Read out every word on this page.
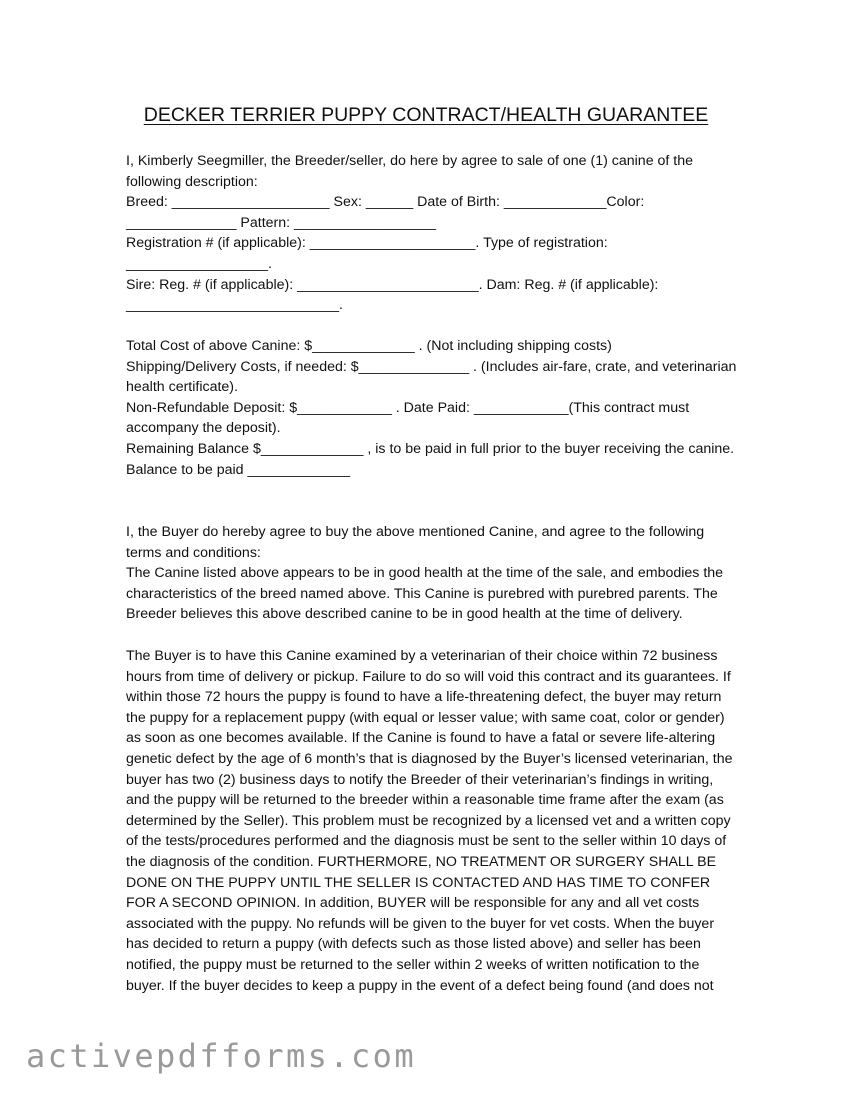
DECKER TERRIER PUPPY CONTRACT/HEALTH GUARANTEE
I, Kimberly Seegmiller, the Breeder/seller, do here by agree to sale of one (1) canine of the
following description:
Breed: ____________________ Sex: ______ Date of Birth: _____________Color:
______________ Pattern: __________________
Registration # (if applicable): _____________________. Type of registration:
__________________.
Sire: Reg. # (if applicable): _______________________. Dam: Reg. # (if applicable):
___________________________.
Total Cost of above Canine: $_____________ . (Not including shipping costs)
Shipping/Delivery Costs, if needed: $______________ . (Includes air-fare, crate, and veterinarian
health certificate).
Non-Refundable Deposit: $____________ . Date Paid: ____________(This contract must
accompany the deposit).
Remaining Balance $_____________ , is to be paid in full prior to the buyer receiving the canine.
Balance to be paid _____________
I, the Buyer do hereby agree to buy the above mentioned Canine, and agree to the following
terms and conditions:
The Canine listed above appears to be in good health at the time of the sale, and embodies the
characteristics of the breed named above. This Canine is purebred with purebred parents. The
Breeder believes this above described canine to be in good health at the time of delivery.
The Buyer is to have this Canine examined by a veterinarian of their choice within 72 business
hours from time of delivery or pickup. Failure to do so will void this contract and its guarantees. If
within those 72 hours the puppy is found to have a life-threatening defect, the buyer may return
the puppy for a replacement puppy (with equal or lesser value; with same coat, color or gender)
as soon as one becomes available. If the Canine is found to have a fatal or severe life-altering
genetic defect by the age of 6 month’s that is diagnosed by the Buyer’s licensed veterinarian, the
buyer has two (2) business days to notify the Breeder of their veterinarian’s findings in writing,
and the puppy will be returned to the breeder within a reasonable time frame after the exam (as
determined by the Seller). This problem must be recognized by a licensed vet and a written copy
of the tests/procedures performed and the diagnosis must be sent to the seller within 10 days of
the diagnosis of the condition. FURTHERMORE, NO TREATMENT OR SURGERY SHALL BE
DONE ON THE PUPPY UNTIL THE SELLER IS CONTACTED AND HAS TIME TO CONFER
FOR A SECOND OPINION. In addition, BUYER will be responsible for any and all vet costs
associated with the puppy. No refunds will be given to the buyer for vet costs. When the buyer
has decided to return a puppy (with defects such as those listed above) and seller has been
notified, the puppy must be returned to the seller within 2 weeks of written notification to the
buyer. If the buyer decides to keep a puppy in the event of a defect being found (and does not
activepdfforms.com
